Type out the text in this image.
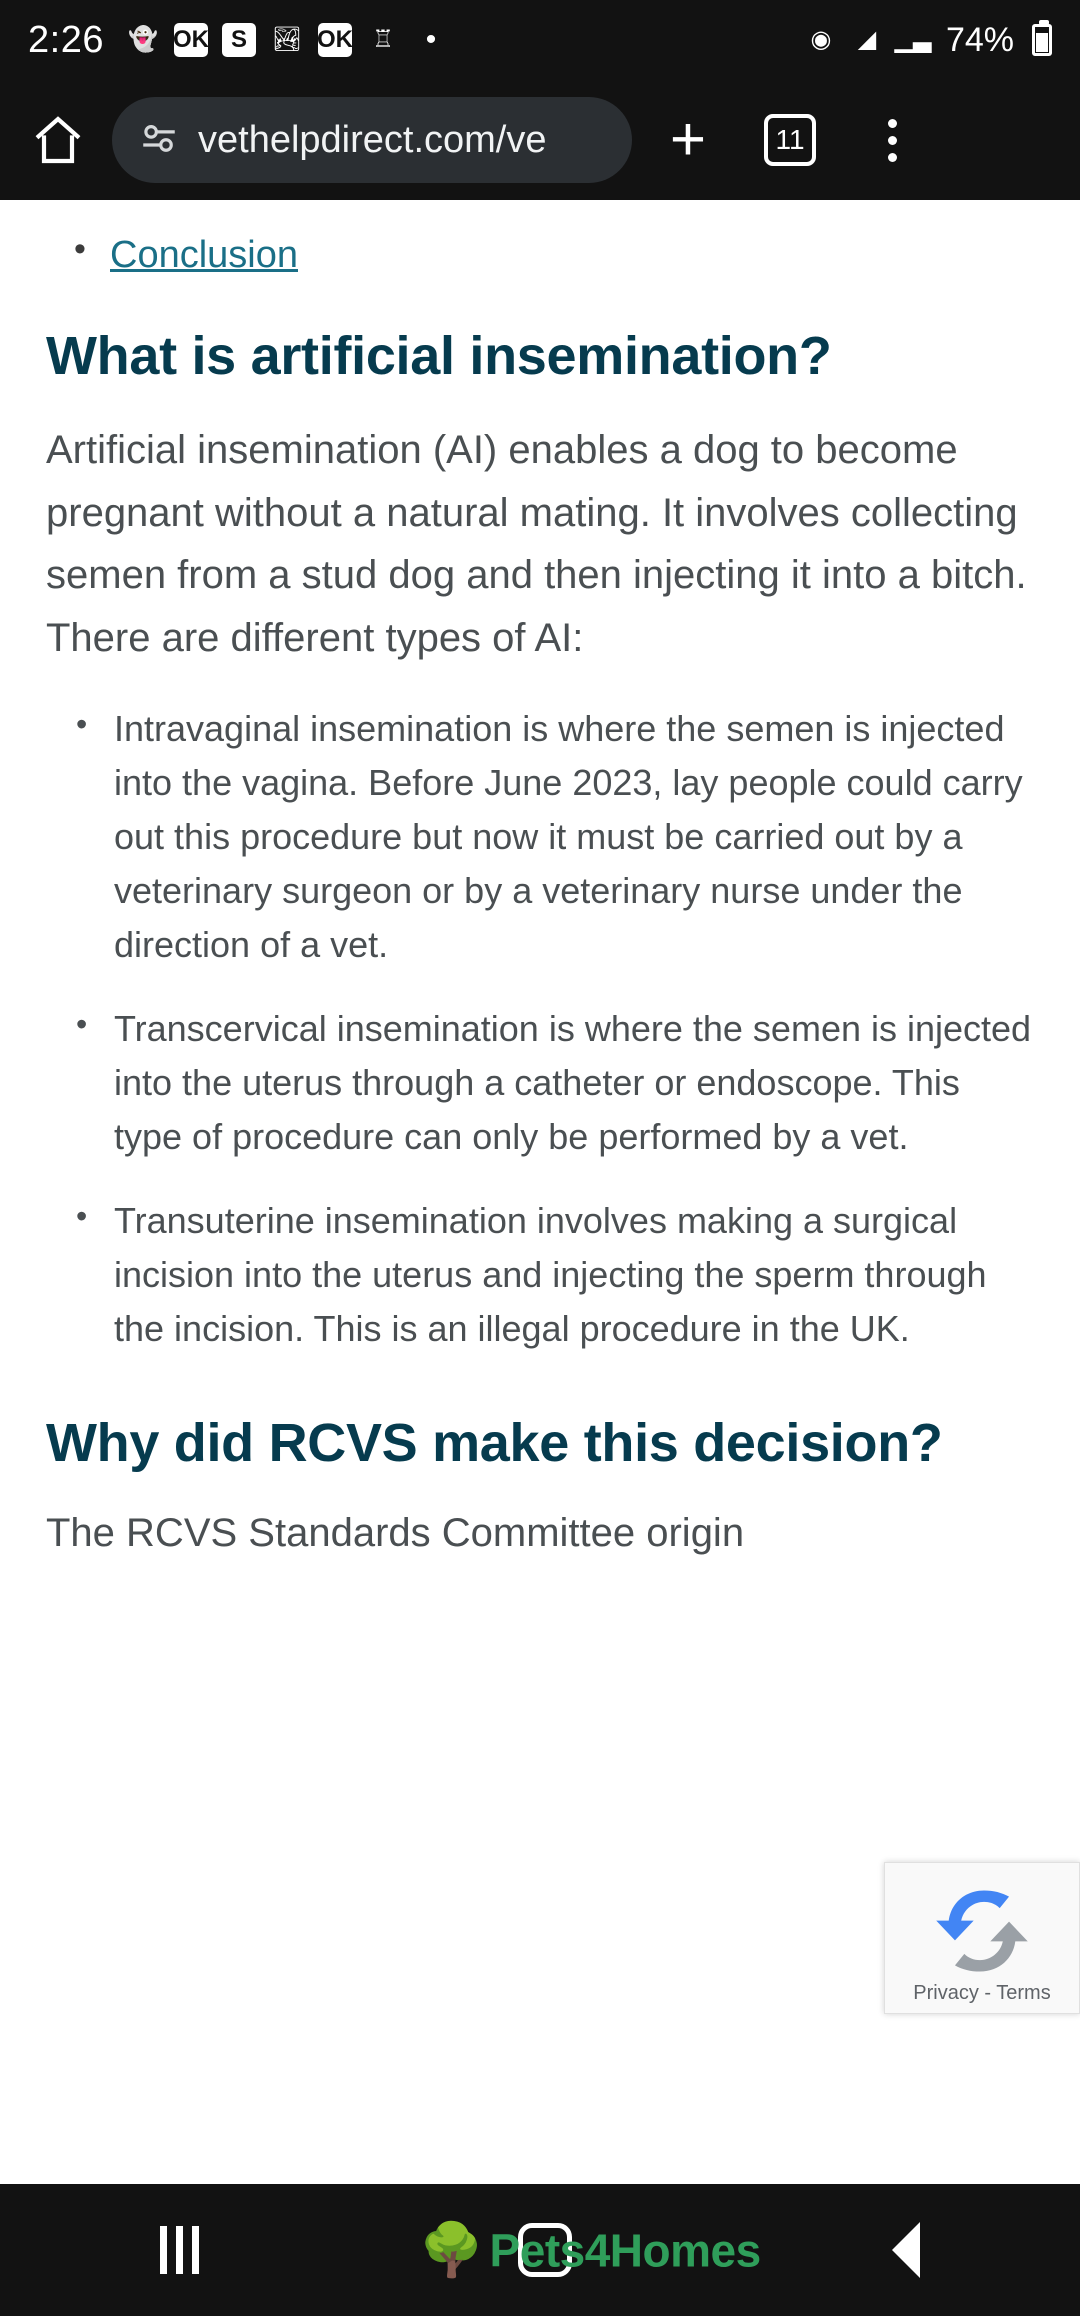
2:26 👻 OK S	🏞 OK ♖	•	◉	◢ ▁▃ 74%
vethelpdirect.com/ve	+	11
• Conclusion
What is artificial insemination?

Artificial insemination (AI) enables a dog to become pregnant without a natural mating. It involves collecting semen from a stud dog and then injecting it into a bitch. There are different types of AI:

• Intravaginal insemination is where the semen is injected into the vagina. Before June 2023, lay people could carry out this procedure but now it must be carried out by a veterinary surgeon or by a veterinary nurse under the direction of a vet.
• Transcervical insemination is where the semen is injected into the uterus through a catheter or endoscope. This type of procedure can only be performed by a vet.
• Transuterine insemination involves making a surgical incision into the uterus and injecting the sperm through the incision. This is an illegal procedure in the UK.
Why did RCVS make this decision?

The RCVS Standards Committee origin

Privacy - Terms
🌳 Pets4Homes
